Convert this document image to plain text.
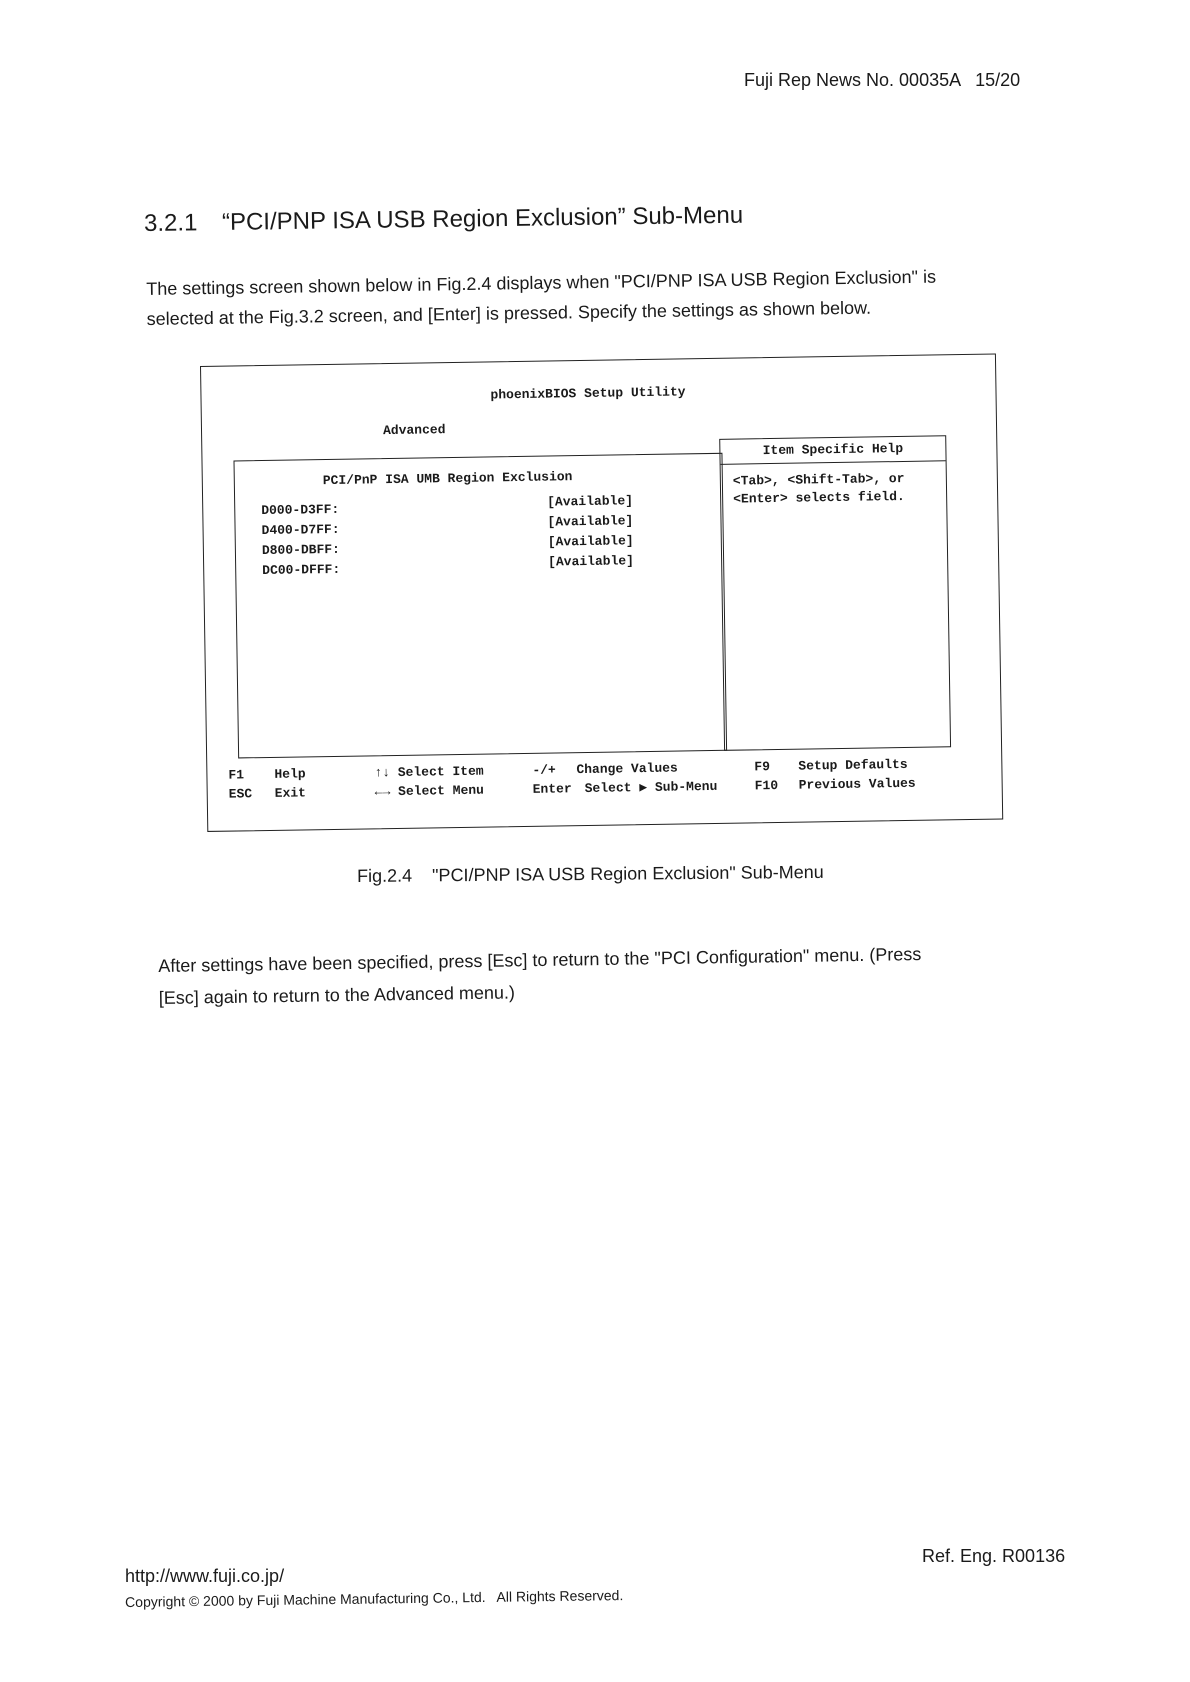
Fuji Rep News No. 00035A   15/20
3.2.1 “PCI/PNP ISA USB Region Exclusion” Sub-Menu
The settings screen shown below in Fig.2.4 displays when "PCI/PNP ISA USB Region Exclusion" is
selected at the Fig.3.2 screen, and [Enter] is pressed. Specify the settings as shown below.
phoenixBIOS Setup Utility
Advanced
PCI/PnP ISA UMB Region Exclusion
D000-D3FF:
[Available]
D400-D7FF:
[Available]
D800-DBFF:
[Available]
DC00-DFFF:
[Available]
Item Specific Help
<Tab>, <Shift-Tab>, or
<Enter> selects field.
F1 Help
ESC Exit
↑↓ Select Item
←→ Select Menu
-/+ Change Values
Enter Select ▶ Sub-Menu
F9 Setup Defaults
F10 Previous Values
Fig.2.4    "PCI/PNP ISA USB Region Exclusion" Sub-Menu
After settings have been specified, press [Esc] to return to the "PCI Configuration" menu. (Press
[Esc] again to return to the Advanced menu.)
Ref. Eng. R00136
http://www.fuji.co.jp/
Copyright © 2000 by Fuji Machine Manufacturing Co., Ltd.   All Rights Reserved.
